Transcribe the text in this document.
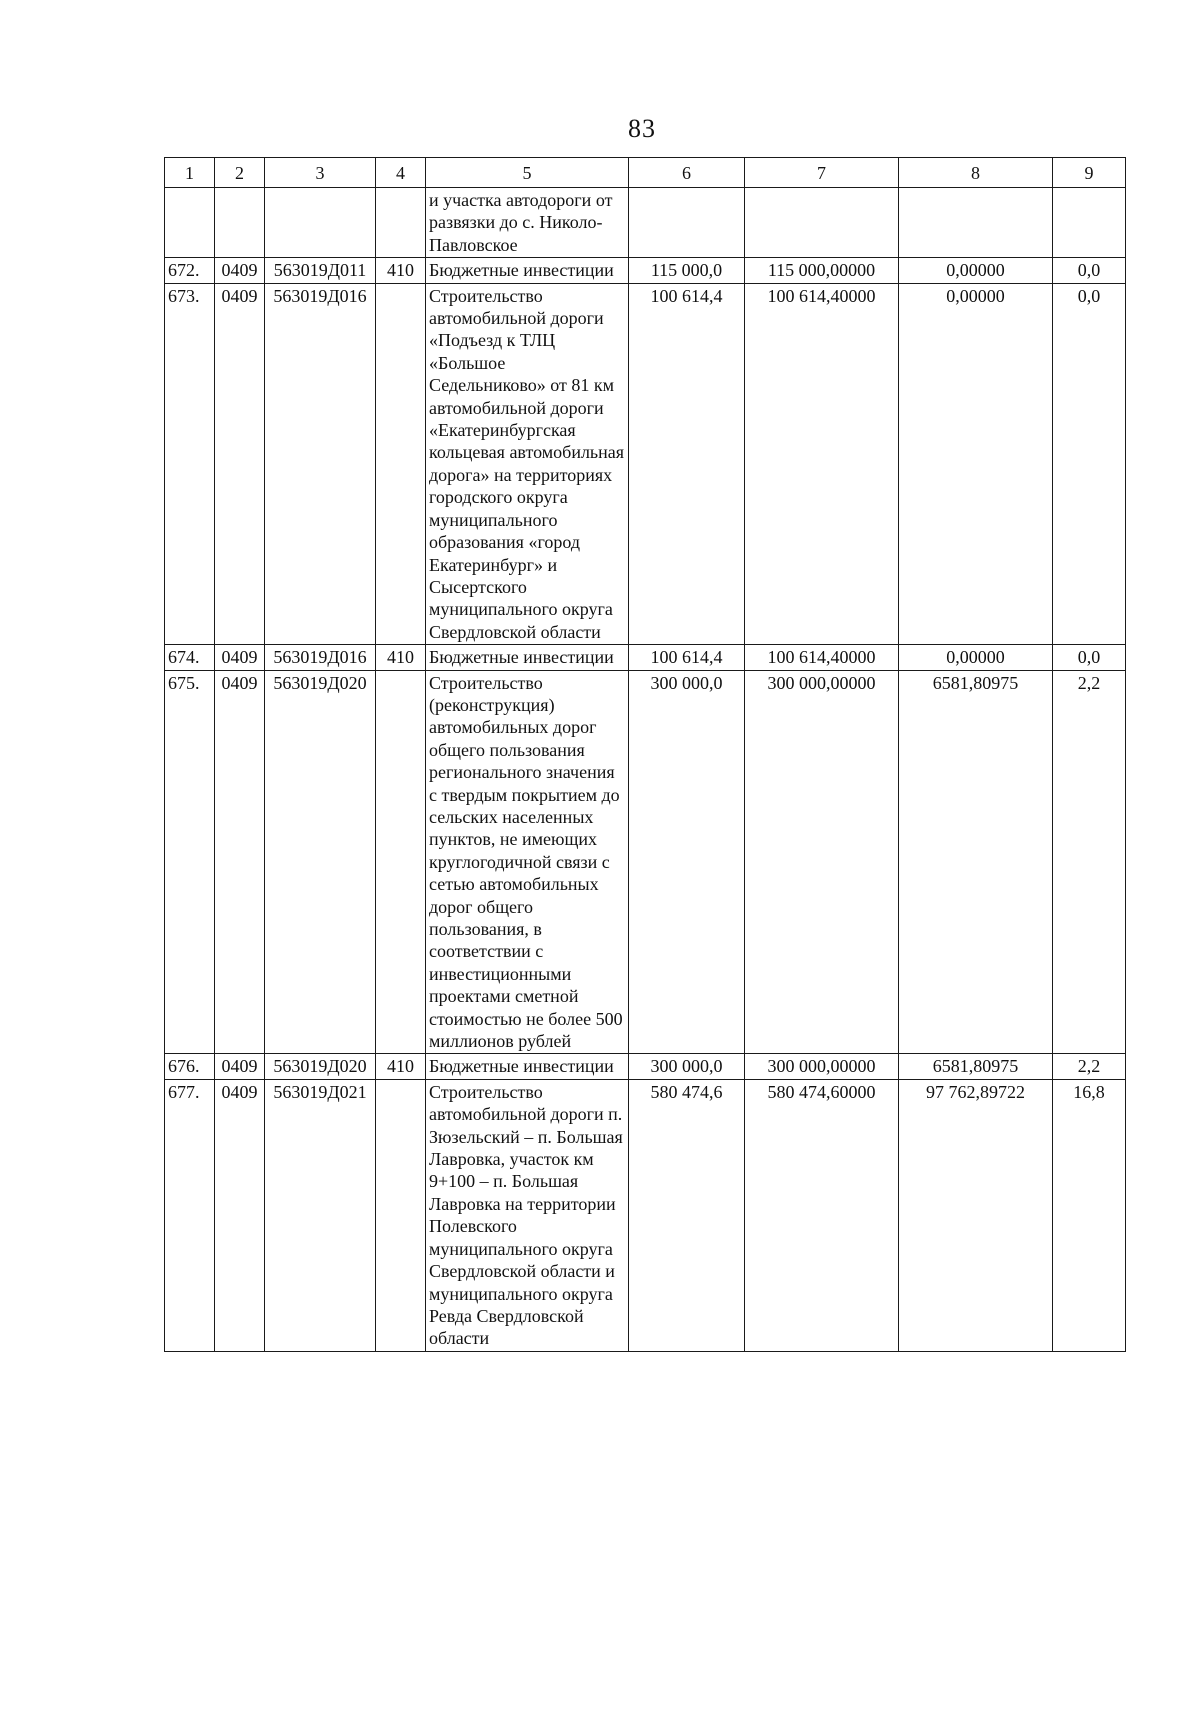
83
1	2	3	4	5	6	7	8	9
				и участка автодороги от развязки до с. Николо-Павловское				
672.	0409	563019Д011	410	Бюджетные инвестиции	115 000,0	115 000,00000	0,00000	0,0
673.	0409	563019Д016		Строительство автомобильной дороги «Подъезд к ТЛЦ «Большое Седельниково» от 81 км автомобильной дороги «Екатеринбургская кольцевая автомобильная дорога» на территориях городского округа муниципального образования «город Екатеринбург» и Сысертского муниципального округа Свердловской области	100 614,4	100 614,40000	0,00000	0,0
674.	0409	563019Д016	410	Бюджетные инвестиции	100 614,4	100 614,40000	0,00000	0,0
675.	0409	563019Д020		Строительство (реконструкция) автомобильных дорог общего пользования регионального значения с твердым покрытием до сельских населенных пунктов, не имеющих круглогодичной связи с сетью автомобильных дорог общего пользования, в соответствии с инвестиционными проектами сметной стоимостью не более 500 миллионов рублей	300 000,0	300 000,00000	6581,80975	2,2
676.	0409	563019Д020	410	Бюджетные инвестиции	300 000,0	300 000,00000	6581,80975	2,2
677.	0409	563019Д021		Строительство автомобильной дороги п. Зюзельский – п. Большая Лавровка, участок км 9+100 – п. Большая Лавровка на территории Полевского муниципального округа Свердловской области и муниципального округа Ревда Свердловской области	580 474,6	580 474,60000	97 762,89722	16,8
